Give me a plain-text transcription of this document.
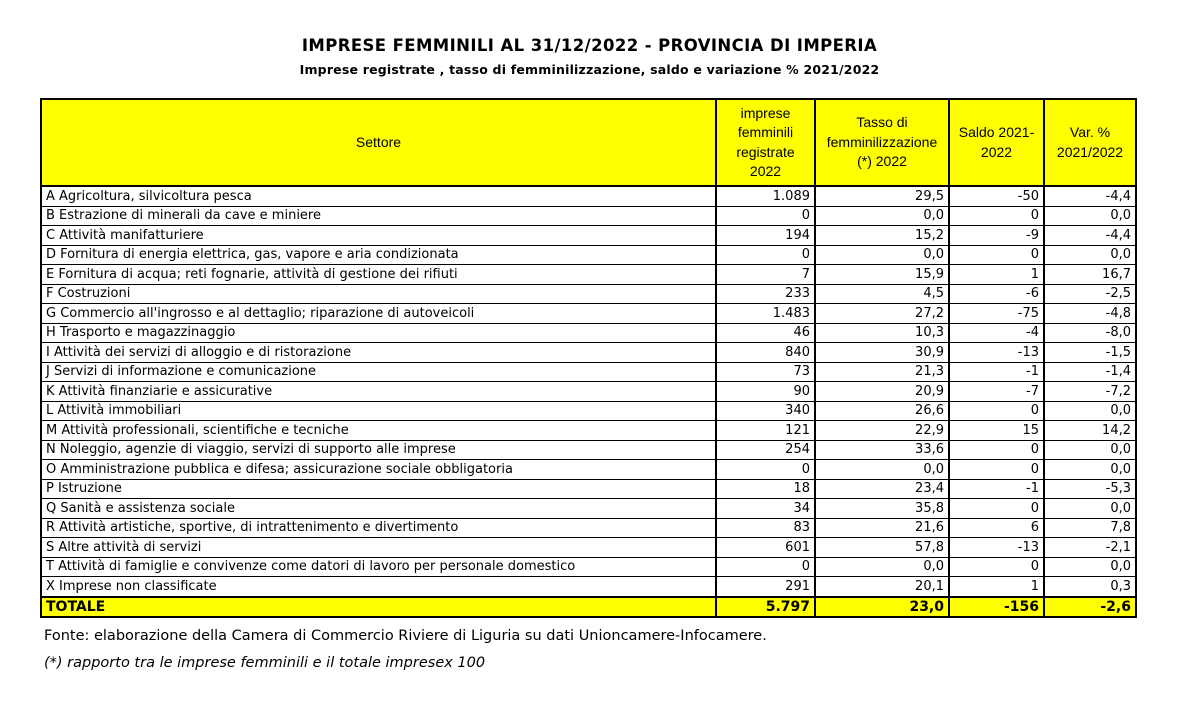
IMPRESE FEMMINILI AL 31/12/2022 - PROVINCIA DI IMPERIA
Imprese registrate , tasso di femminilizzazione, saldo e variazione % 2021/2022
Settore	imprese femminili registrate 2022	Tasso di femminilizzazione (*) 2022	Saldo 2021-2022	Var. % 2021/2022
A Agricoltura, silvicoltura pesca	1.089	29,5	-50	-4,4
B Estrazione di minerali da cave e miniere	0	0,0	0	0,0
C Attività manifatturiere	194	15,2	-9	-4,4
D Fornitura di energia elettrica, gas, vapore e aria condizionata	0	0,0	0	0,0
E Fornitura di acqua; reti fognarie, attività di gestione dei rifiuti	7	15,9	1	16,7
F Costruzioni	233	4,5	-6	-2,5
G Commercio all'ingrosso e al dettaglio; riparazione di autoveicoli	1.483	27,2	-75	-4,8
H Trasporto e magazzinaggio	46	10,3	-4	-8,0
I Attività dei servizi di alloggio e di ristorazione	840	30,9	-13	-1,5
J Servizi di informazione e comunicazione	73	21,3	-1	-1,4
K Attività finanziarie e assicurative	90	20,9	-7	-7,2
L Attività immobiliari	340	26,6	0	0,0
M Attività professionali, scientifiche e tecniche	121	22,9	15	14,2
N Noleggio, agenzie di viaggio, servizi di supporto alle imprese	254	33,6	0	0,0
O Amministrazione pubblica e difesa; assicurazione sociale obbligatoria	0	0,0	0	0,0
P Istruzione	18	23,4	-1	-5,3
Q Sanità e assistenza sociale	34	35,8	0	0,0
R Attività artistiche, sportive, di intrattenimento e divertimento	83	21,6	6	7,8
S Altre attività di servizi	601	57,8	-13	-2,1
T Attività di famiglie e convivenze come datori di lavoro per personale domestico	0	0,0	0	0,0
X Imprese non classificate	291	20,1	1	0,3
TOTALE	5.797	23,0	-156	-2,6
Fonte: elaborazione della Camera di Commercio Riviere di Liguria su dati Unioncamere-Infocamere.
(*) rapporto tra le imprese femminili e il totale impresex 100
